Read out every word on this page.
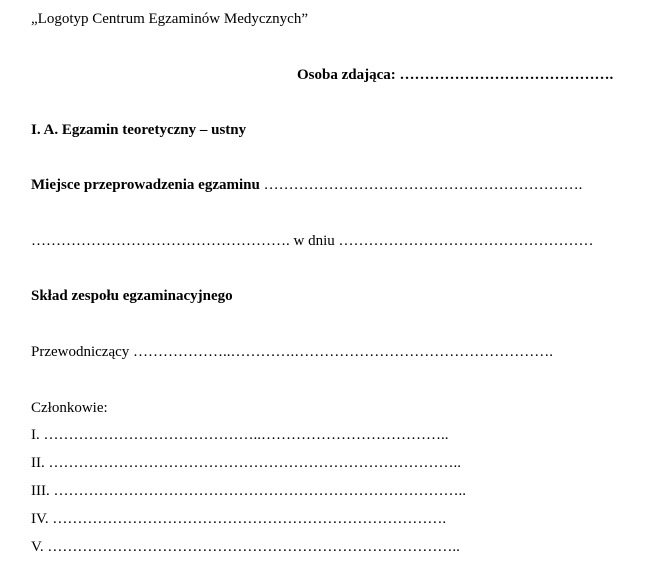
„Logotyp Centrum Egzaminów Medycznych”
Osoba zdająca: …………………………………….
I. A. Egzamin teoretyczny – ustny
Miejsce przeprowadzenia egzaminu ……………………………………………………….
……………………………………………. w dniu ……………………………………………
Skład zespołu egzaminacyjnego
Przewodniczący ………………..………….…………………………………………….
Członkowie:
I. ……………………………………..………………………………..
II. ………………………………………………………………………..
III. ………………………………………………………………………..
IV. …………………………………………………………………….
V. ………………………………………………………………………..
